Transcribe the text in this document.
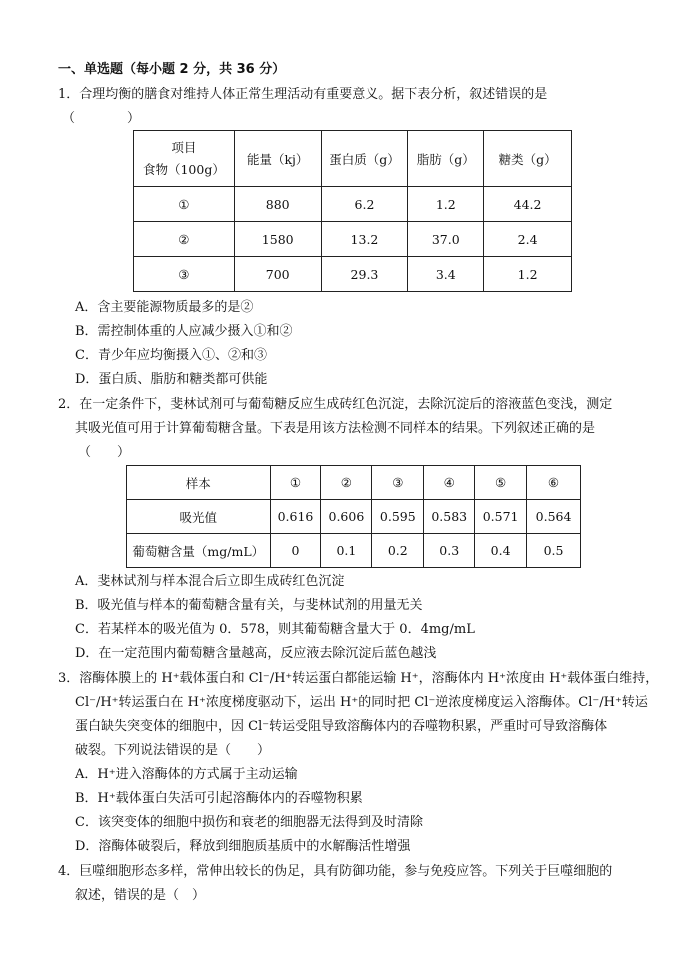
一、单选题（每小题 2 分，共 36 分）
1．合理均衡的膳食对维持人体正常生理活动有重要意义。据下表分析，叙述错误的是
（　　　　）
项目
食物（100g）	能量（kj）	蛋白质（g）	脂肪（g）	糖类（g）
①	880	6.2	1.2	44.2
②	1580	13.2	37.0	2.4
③	700	29.3	3.4	1.2
A．含主要能源物质最多的是②
B．需控制体重的人应减少摄入①和②
C．青少年应均衡摄入①、②和③
D．蛋白质、脂肪和糖类都可供能
2．在一定条件下，斐林试剂可与葡萄糖反应生成砖红色沉淀，去除沉淀后的溶液蓝色变浅，测定
其吸光值可用于计算葡萄糖含量。下表是用该方法检测不同样本的结果。下列叙述正确的是
（　　）
样本	①	②	③	④	⑤	⑥
吸光值	0.616	0.606	0.595	0.583	0.571	0.564
葡萄糖含量（mg/mL）	0	0.1	0.2	0.3	0.4	0.5
A．斐林试剂与样本混合后立即生成砖红色沉淀
B．吸光值与样本的葡萄糖含量有关，与斐林试剂的用量无关
C．若某样本的吸光值为 0．578，则其葡萄糖含量大于 0．4mg/mL
D．在一定范围内葡萄糖含量越高，反应液去除沉淀后蓝色越浅
3．溶酶体膜上的 H⁺载体蛋白和 Cl⁻/H⁺转运蛋白都能运输 H⁺，溶酶体内 H⁺浓度由 H⁺载体蛋白维持，
Cl⁻/H⁺转运蛋白在 H⁺浓度梯度驱动下，运出 H⁺的同时把 Cl⁻逆浓度梯度运入溶酶体。Cl⁻/H⁺转运
蛋白缺失突变体的细胞中，因 Cl⁻转运受阻导致溶酶体内的吞噬物积累，严重时可导致溶酶体
破裂。下列说法错误的是（　　）
A．H⁺进入溶酶体的方式属于主动运输
B．H⁺载体蛋白失活可引起溶酶体内的吞噬物积累
C．该突变体的细胞中损伤和衰老的细胞器无法得到及时清除
D．溶酶体破裂后，释放到细胞质基质中的水解酶活性增强
4．巨噬细胞形态多样，常伸出较长的伪足，具有防御功能，参与免疫应答。下列关于巨噬细胞的
叙述，错误的是（　）
